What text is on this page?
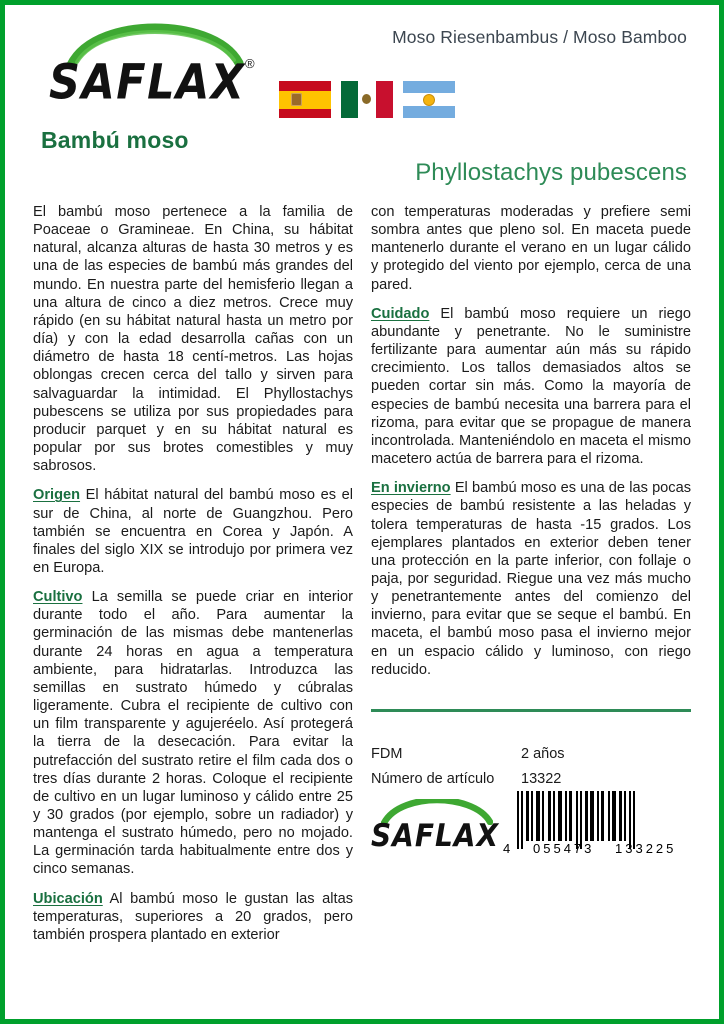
SAFLAX ®
Moso Riesenbambus / Moso Bamboo
Bambú moso
Phyllostachys pubescens

El bambú moso pertenece a la familia de Poaceae o Gramineae. En China, su hábitat natural, alcanza alturas de hasta 30 metros y es una de las especies de bambú más grandes del mundo. En nuestra parte del hemisferio llegan a una altura de cinco a diez metros. Crece muy rápido (en su hábitat natural hasta un metro por día) y con la edad desarrolla cañas con un diámetro de hasta 18 centí-metros. Las hojas oblongas crecen cerca del tallo y sirven para salvaguardar la intimidad. El Phyllostachys pubescens se utiliza por sus propiedades para producir parquet y en su hábitat natural es popular por sus brotes comestibles y muy sabrosos.

Origen El hábitat natural del bambú moso es el sur de China, al norte de Guangzhou. Pero también se encuentra en Corea y Japón. A finales del siglo XIX se introdujo por primera vez en Europa.

Cultivo La semilla se puede criar en interior durante todo el año. Para aumentar la germinación de las mismas debe mantenerlas durante 24 horas en agua a temperatura ambiente, para hidratarlas. Introduzca las semillas en sustrato húmedo y cúbralas ligeramente. Cubra el recipiente de cultivo con un film transparente y agujeréelo. Así protegerá la tierra de la desecación. Para evitar la putrefacción del sustrato retire el film cada dos o tres días durante 2 horas. Coloque el recipiente de cultivo en un lugar luminoso y cálido entre 25 y 30 grados (por ejemplo, sobre un radiador) y mantenga el sustrato húmedo, pero no mojado. La germinación tarda habitualmente entre dos y cinco semanas.

Ubicación Al bambú moso le gustan las altas temperaturas, superiores a 20 grados, pero también prospera plantado en exterior

con temperaturas moderadas y prefiere semi sombra antes que pleno sol. En maceta puede mantenerlo durante el verano en un lugar cálido y protegido del viento por ejemplo, cerca de una pared.

Cuidado El bambú moso requiere un riego abundante y penetrante. No le suministre fertilizante para aumentar aún más su rápido crecimiento. Los tallos demasiados altos se pueden cortar sin más. Como la mayoría de especies de bambú necesita una barrera para el rizoma, para evitar que se propague de manera incontrolada. Manteniéndolo en maceta el mismo macetero actúa de barrera para el rizoma.

En invierno El bambú moso es una de las pocas especies de bambú resistente a las heladas y tolera temperaturas de hasta -15 grados. Los ejemplares plantados en exterior deben tener una protección en la parte inferior, con follaje o paja, por seguridad. Riegue una vez más mucho y penetrantemente antes del comienzo del invierno, para evitar que se seque el bambú. En maceta, el bambú moso pasa el invierno mejor en un espacio cálido y luminoso, con riego reducido.

FDM	2 años
Número de artículo	13322
SAFLAX 4 055473 133225
